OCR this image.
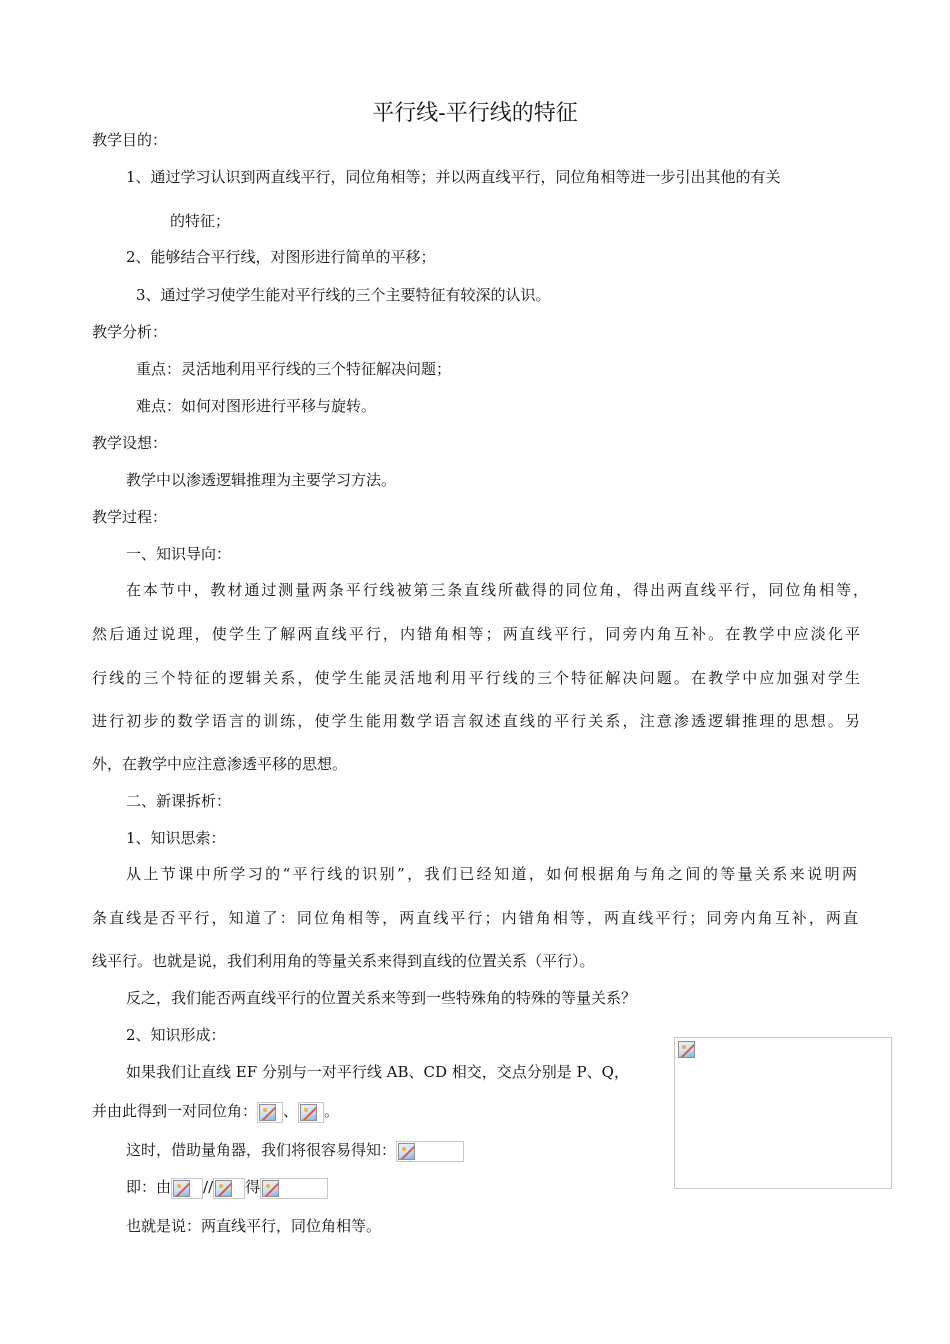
平行线-平行线的特征
教学目的：
1、通过学习认识到两直线平行，同位角相等；并以两直线平行，同位角相等进一步引出其他的有关
的特征；
2、能够结合平行线，对图形进行简单的平移；
3、通过学习使学生能对平行线的三个主要特征有较深的认识。
教学分析：
重点：灵活地利用平行线的三个特征解决问题；
难点：如何对图形进行平移与旋转。
教学设想：
教学中以渗透逻辑推理为主要学习方法。
教学过程：
一、知识导向：
在本节中，教材通过测量两条平行线被第三条直线所截得的同位角，得出两直线平行，同位角相等，
然后通过说理，使学生了解两直线平行，内错角相等；两直线平行，同旁内角互补。在教学中应淡化平
行线的三个特征的逻辑关系，使学生能灵活地利用平行线的三个特征解决问题。在教学中应加强对学生
进行初步的数学语言的训练，使学生能用数学语言叙述直线的平行关系，注意渗透逻辑推理的思想。另
外，在教学中应注意渗透平移的思想。
二、新课拆析：
1、知识思索：
从上节课中所学习的“平行线的识别”，我们已经知道，如何根据角与角之间的等量关系来说明两
条直线是否平行，知道了：同位角相等，两直线平行；内错角相等，两直线平行；同旁内角互补，两直
线平行。也就是说，我们利用角的等量关系来得到直线的位置关系（平行）。
反之，我们能否两直线平行的位置关系来等到一些特殊角的特殊的等量关系？
2、知识形成：
如果我们让直线 EF 分别与一对平行线 AB、CD 相交，交点分别是 P、Q，
并由此得到一对同位角： 、 。
这时，借助量角器，我们将很容易得知：
即：由 // 得
也就是说：两直线平行，同位角相等。
